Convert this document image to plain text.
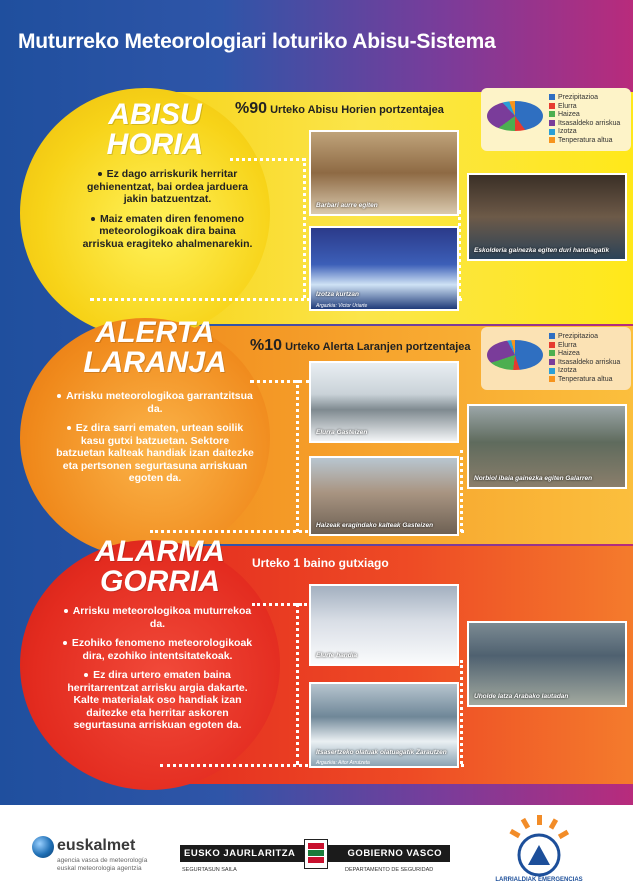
Muturreko Meteorologiari loturiko Abisu-Sistema
ABISU
HORIA
ALERTA
LARANJA
ALARMA
GORRIA

Ez dago arriskurik herritar gehienentzat, bai ordea jarduera jakin batzuentzat.

Maiz ematen diren fenomeno meteorologikoak dira baina arriskua eragiteko ahalmenarekin.

Arrisku meteorologikoa garrantzitsua da.

Ez dira sarri ematen, urtean soilik kasu gutxi batzuetan. Sektore batzuetan kalteak handiak izan daitezke eta pertsonen segurtasuna arriskuan egoten da.

Arrisku meteorologikoa muturrekoa da.

Ezohiko fenomeno meteorologikoak dira, ezohiko intentsitatekoak.

Ez dira urtero ematen baina herritarrentzat arrisku argia dakarte. Kalte materialak oso handiak izan daitezke eta herritar askoren segurtasuna arriskuan egoten da.

%90 Urteko Abisu Horien portzentajea
%10 Urteko Alerta Laranjen portzentajea
Urteko 1 baino gutxiago
Prezipitazioa
Elurra
Haizea
Itsasaldeko arriskua
Izotza
Tenperatura altua
Prezipitazioa
Elurra
Haizea
Itsasaldeko arriskua
Izotza
Tenperatura altua
Barbari aurre egiten
Izotza kurtzan
Argazkia: Victor Uriarte
Eskolderia gainezka egiten duri handiagatik
Elurra Gasteizen
Haizeak eragindako kalteak Gasteizen
Norbiol ibaia gainezka egiten Galarren
Elurte handia
Itsasertzeko olatuak olatuagatik Zarautzen
Argazkia: Aitor Arrutzeta
Uholde latza Arabako lautadan
euskalmet
agencia vasca de meteorología
euskal meteorologia agentzia
EUSKO JAURLARITZA	GOBIERNO VASCO
SEGURTASUN SAILA	DEPARTAMENTO DE SEGURIDAD
LARRIALDIAK EMERGENCIAS
